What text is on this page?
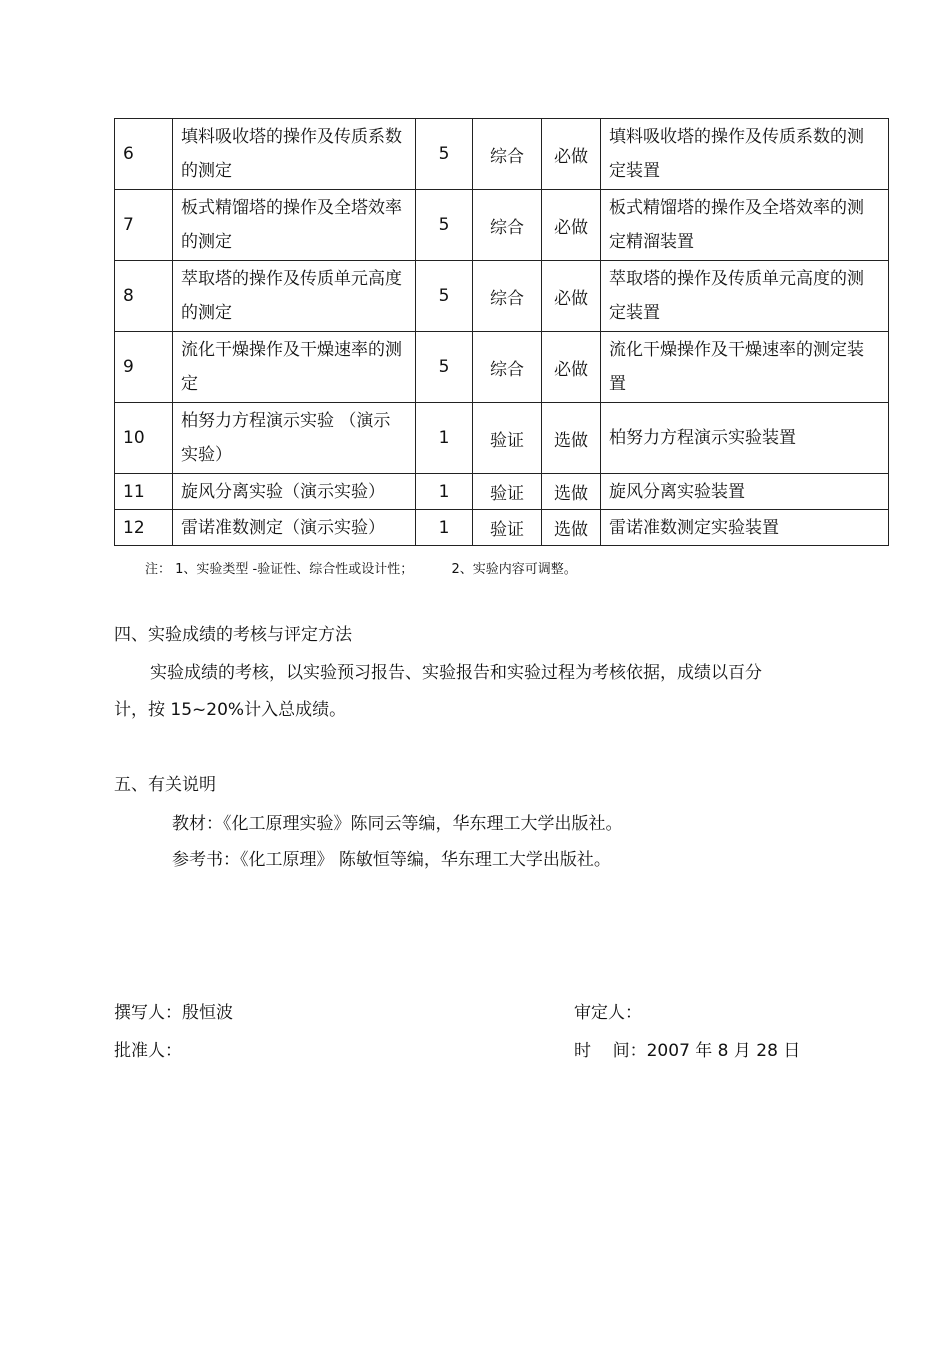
6	填料吸收塔的操作及传质系数的测定	5	综合	必做	填料吸收塔的操作及传质系数的测定装置
7	板式精馏塔的操作及全塔效率的测定	5	综合	必做	板式精馏塔的操作及全塔效率的测定精溜装置
8	萃取塔的操作及传质单元高度的测定	5	综合	必做	萃取塔的操作及传质单元高度的测定装置
9	流化干燥操作及干燥速率的测定	5	综合	必做	流化干燥操作及干燥速率的测定装置
10	柏努力方程演示实验 （演示实验）	1	验证	选做	柏努力方程演示实验装置
11	旋风分离实验（演示实验）	1	验证	选做	旋风分离实验装置
12	雷诺准数测定（演示实验）	1	验证	选做	雷诺准数测定实验装置
注： 1、实验类型 -验证性、综合性或设计性；	2、实验内容可调整。
四、实验成绩的考核与评定方法
实验成绩的考核，以实验预习报告、实验报告和实验过程为考核依据，成绩以百分
计，按 15~20%计入总成绩。
五、有关说明
教材：《化工原理实验》陈同云等编，华东理工大学出版社。
参考书：《化工原理》 陈敏恒等编，华东理工大学出版社。
撰写人：殷恒波	审定人：
批准人：	时    间：2007 年 8 月 28 日
